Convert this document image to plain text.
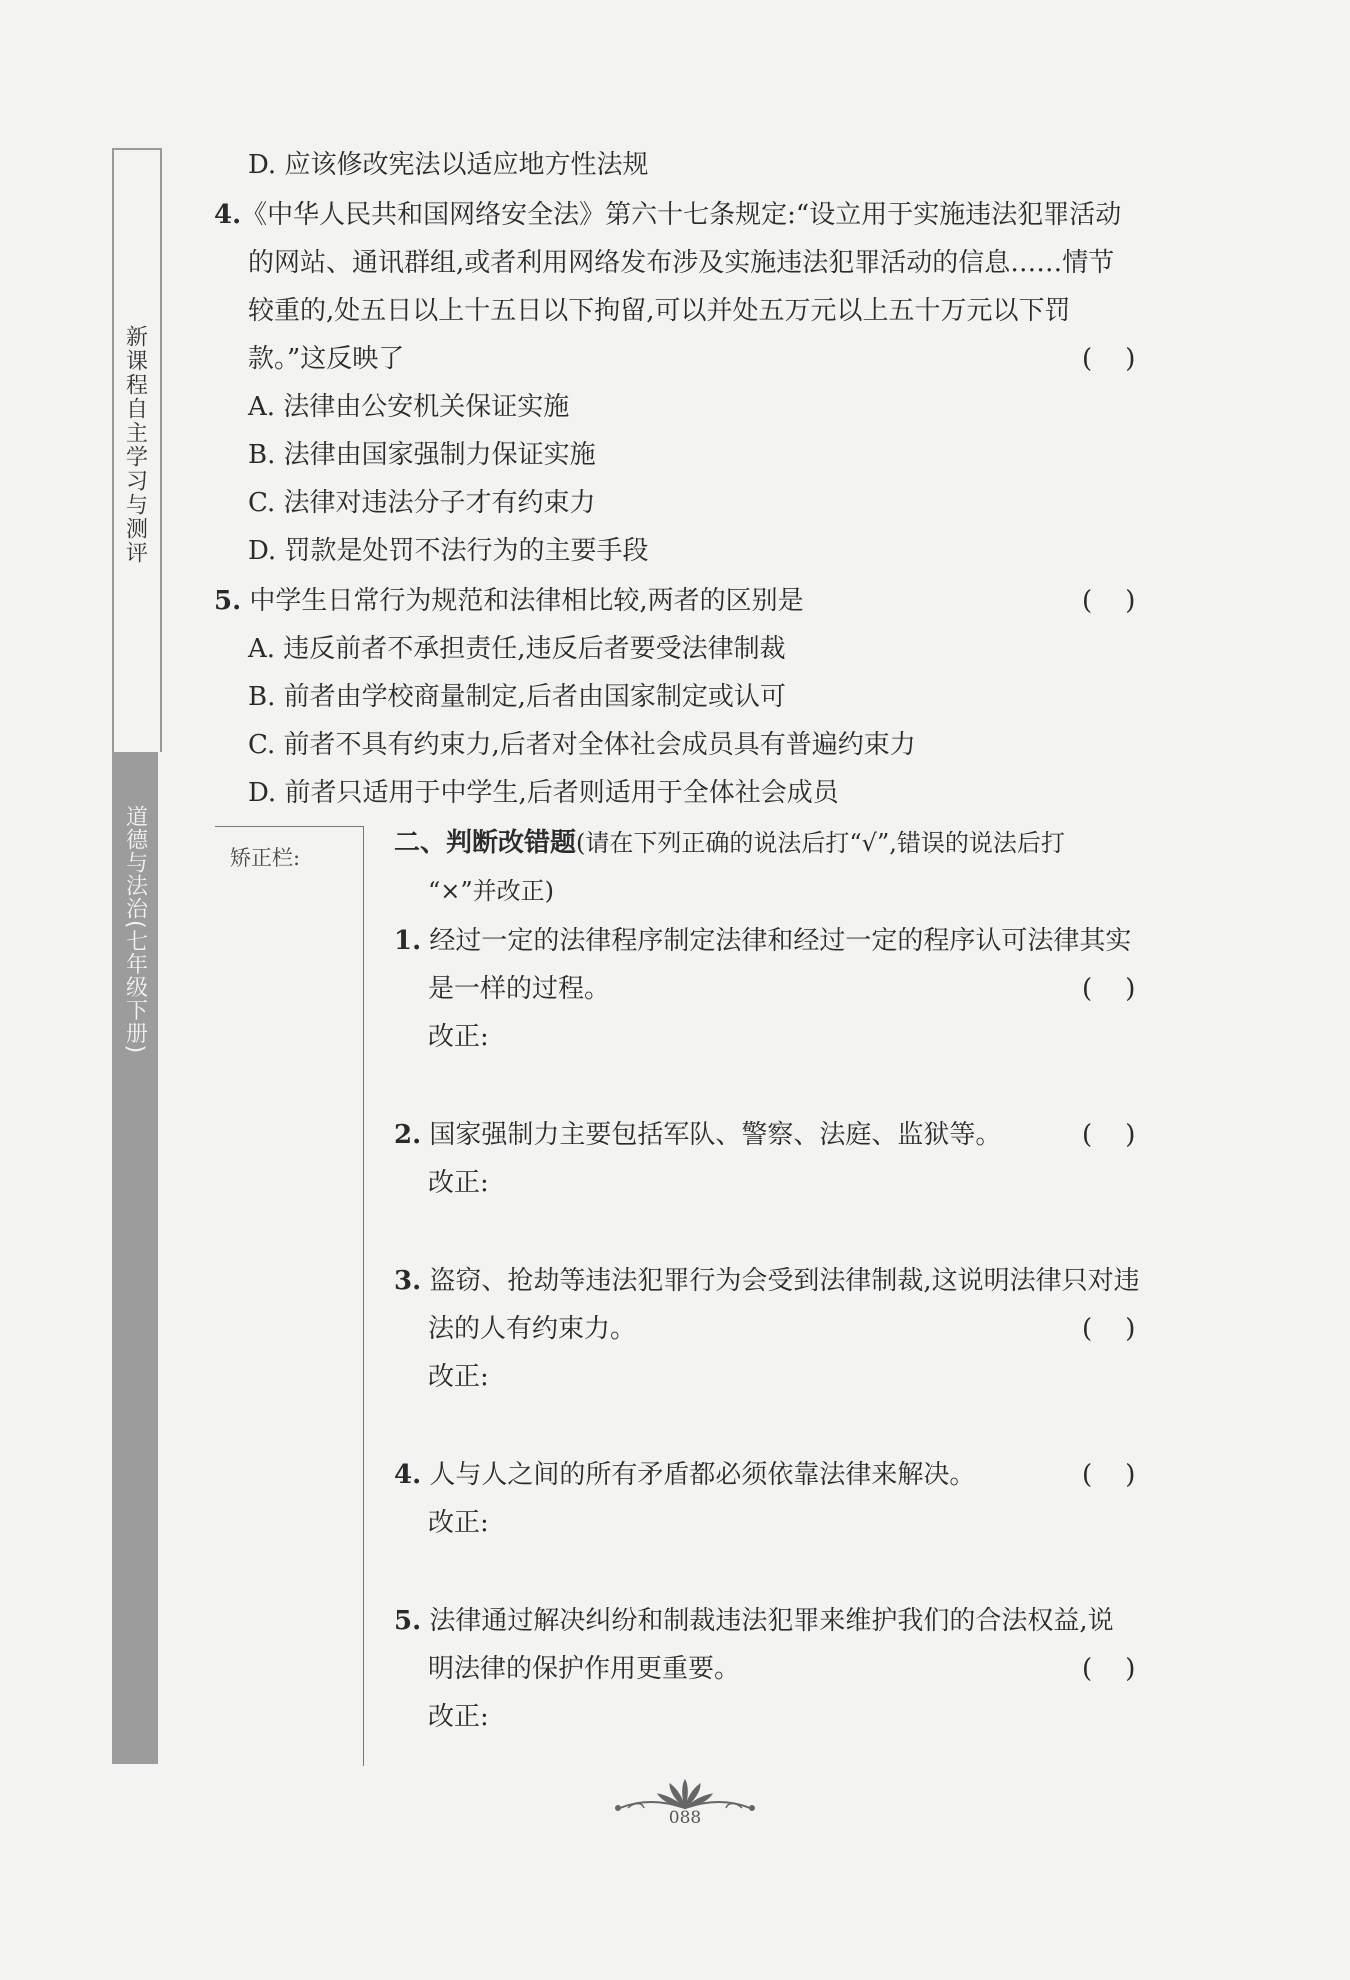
新课程自主学习与测评
道德与法治(七年级下册)
D. 应该修改宪法以适应地方性法规
4.《中华人民共和国网络安全法》第六十七条规定:“设立用于实施违法犯罪活动
的网站、通讯群组,或者利用网络发布涉及实施违法犯罪活动的信息……情节
较重的,处五日以上十五日以下拘留,可以并处五万元以上五十万元以下罚
款。”这反映了	(    )
A. 法律由公安机关保证实施
B. 法律由国家强制力保证实施
C. 法律对违法分子才有约束力
D. 罚款是处罚不法行为的主要手段
5. 中学生日常行为规范和法律相比较,两者的区别是	(    )
A. 违反前者不承担责任,违反后者要受法律制裁
B. 前者由学校商量制定,后者由国家制定或认可
C. 前者不具有约束力,后者对全体社会成员具有普遍约束力
D. 前者只适用于中学生,后者则适用于全体社会成员
矫正栏:	二、判断改错题(请在下列正确的说法后打“√”,错误的说法后打
“×”并改正)
1. 经过一定的法律程序制定法律和经过一定的程序认可法律其实
是一样的过程。	(    )
改正:
2. 国家强制力主要包括军队、警察、法庭、监狱等。	(    )
改正:
3. 盗窃、抢劫等违法犯罪行为会受到法律制裁,这说明法律只对违
法的人有约束力。	(    )
改正:
4. 人与人之间的所有矛盾都必须依靠法律来解决。	(    )
改正:
5. 法律通过解决纠纷和制裁违法犯罪来维护我们的合法权益,说
明法律的保护作用更重要。	(    )
改正:
088
